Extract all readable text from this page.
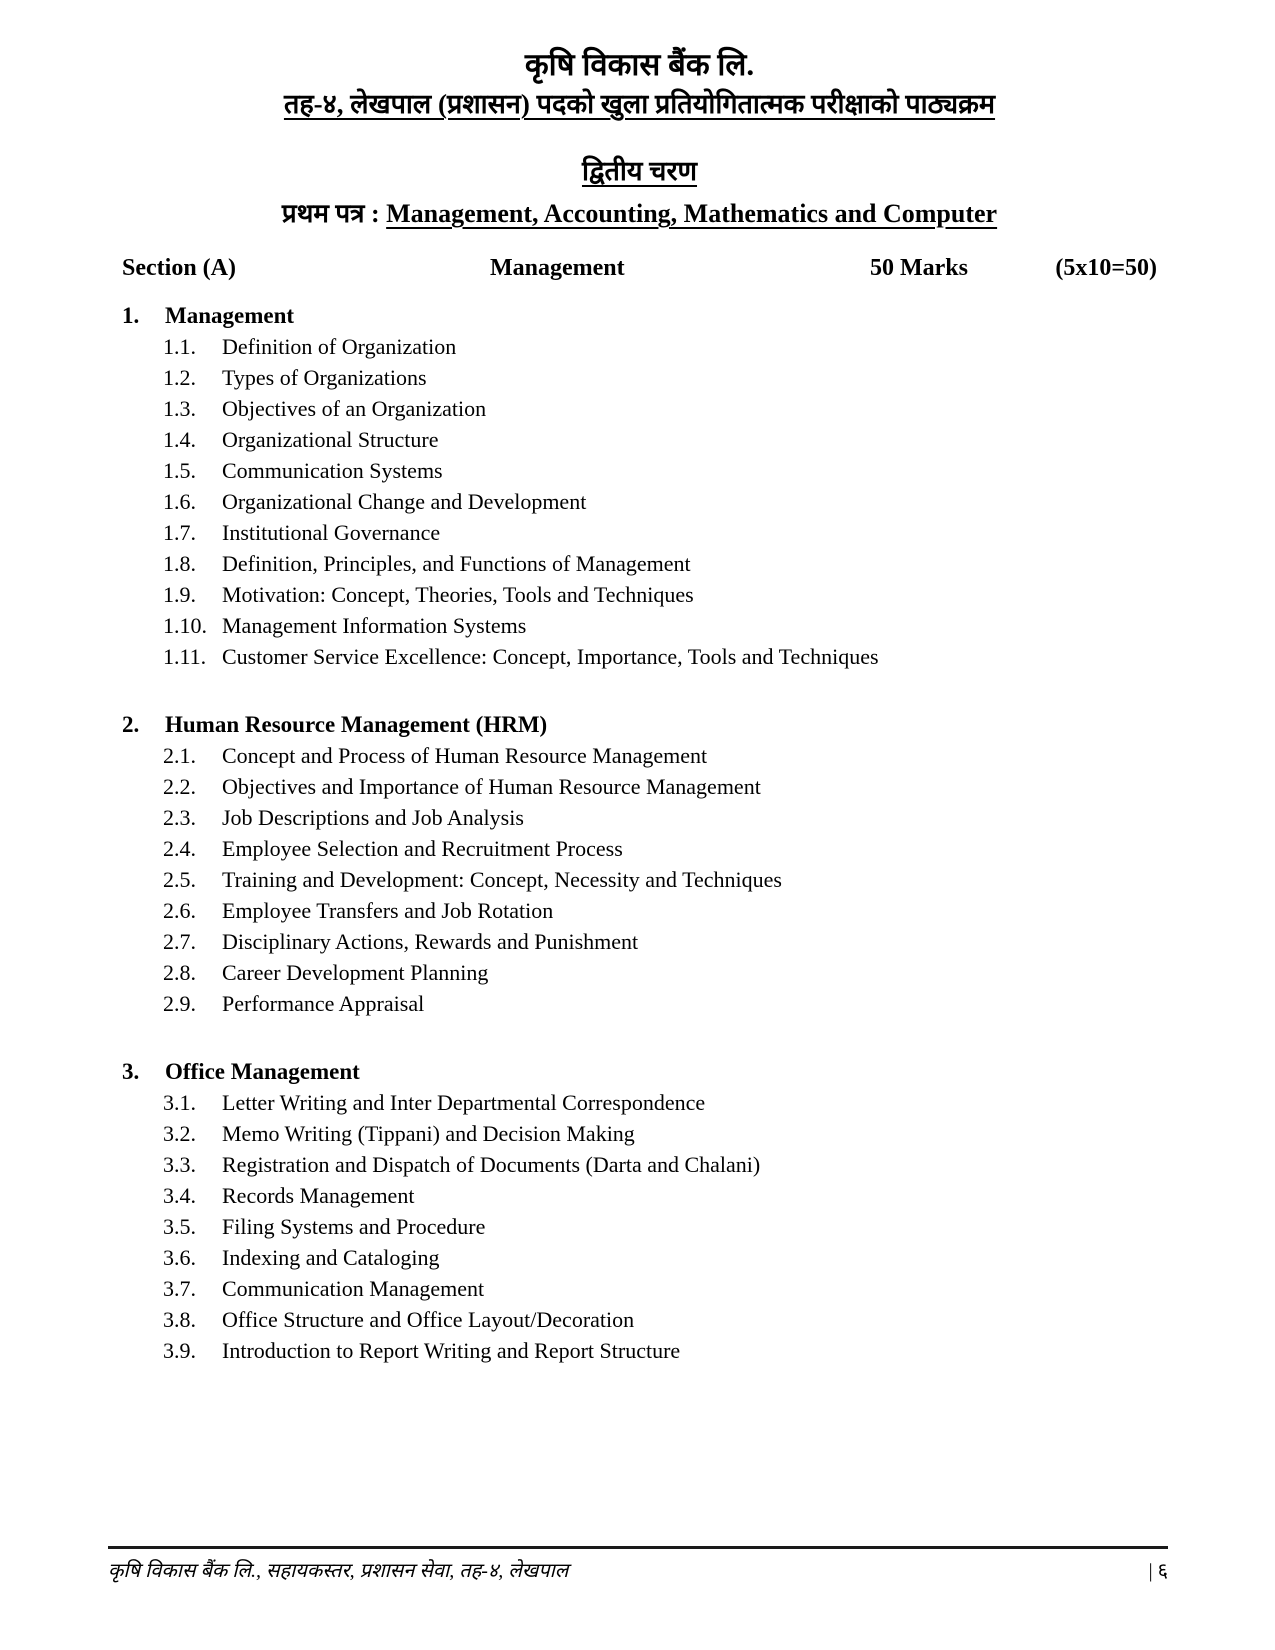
कृषि विकास बैंक लि.
तह-४, लेखपाल (प्रशासन) पदको खुला प्रतियोगितात्मक परीक्षाको पाठ्यक्रम
द्वितीय चरण
प्रथम पत्र : Management, Accounting, Mathematics and Computer
Section (A)	Management	50 Marks	(5x10=50)
1.	Management
1.1.	Definition of Organization
1.2.	Types of Organizations
1.3.	Objectives of an Organization
1.4.	Organizational Structure
1.5.	Communication Systems
1.6.	Organizational Change and Development
1.7.	Institutional Governance
1.8.	Definition, Principles, and Functions of Management
1.9.	Motivation: Concept, Theories, Tools and Techniques
1.10. Management Information Systems
1.11. Customer Service Excellence: Concept, Importance, Tools and Techniques
2.	Human Resource Management (HRM)
2.1.	Concept and Process of Human Resource Management
2.2.	Objectives and Importance of Human Resource Management
2.3.	Job Descriptions and Job Analysis
2.4.	Employee Selection and Recruitment Process
2.5.	Training and Development: Concept, Necessity and Techniques
2.6.	Employee Transfers and Job Rotation
2.7.	Disciplinary Actions, Rewards and Punishment
2.8.	Career Development Planning
2.9.	Performance Appraisal
3.	Office Management
3.1.	Letter Writing and Inter Departmental Correspondence
3.2.	Memo Writing (Tippani) and Decision Making
3.3.	Registration and Dispatch of Documents (Darta and Chalani)
3.4.	Records Management
3.5.	Filing Systems and Procedure
3.6.	Indexing and Cataloging
3.7.	Communication Management
3.8.	Office Structure and Office Layout/Decoration
3.9.	Introduction to Report Writing and Report Structure
कृषि विकास बैंक लि., सहायकस्तर, प्रशासन सेवा, तह-४, लेखपाल	| ६
